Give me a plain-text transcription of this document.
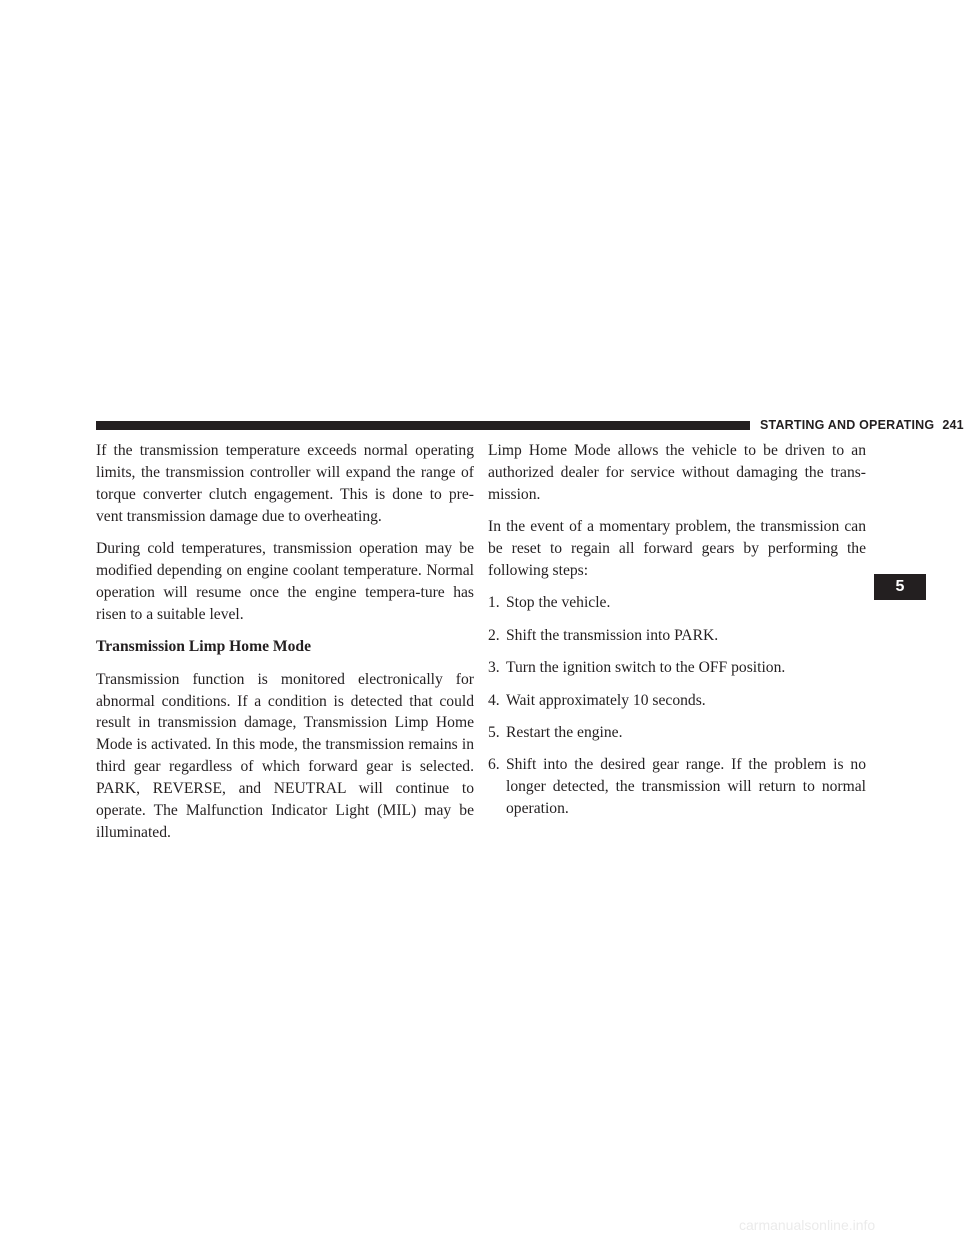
STARTING AND OPERATING 241

If the transmission temperature exceeds normal operating limits, the transmission controller will expand the range of torque converter clutch engagement. This is done to pre-vent transmission damage due to overheating.

During cold temperatures, transmission operation may be modified depending on engine coolant temperature. Normal operation will resume once the engine tempera-ture has risen to a suitable level.

Transmission Limp Home Mode

Transmission function is monitored electronically for abnormal conditions. If a condition is detected that could result in transmission damage, Transmission Limp Home Mode is activated. In this mode, the transmission remains in third gear regardless of which forward gear is selected. PARK, REVERSE, and NEUTRAL will continue to operate. The Malfunction Indicator Light (MIL) may be illuminated.

Limp Home Mode allows the vehicle to be driven to an authorized dealer for service without damaging the trans-mission.

In the event of a momentary problem, the transmission can be reset to regain all forward gears by performing the following steps:

1. Stop the vehicle.
2. Shift the transmission into PARK.
3. Turn the ignition switch to the OFF position.
4. Wait approximately 10 seconds.
5. Restart the engine.
6. Shift into the desired gear range. If the problem is no longer detected, the transmission will return to normal operation.
5
carmanualsonline.info
